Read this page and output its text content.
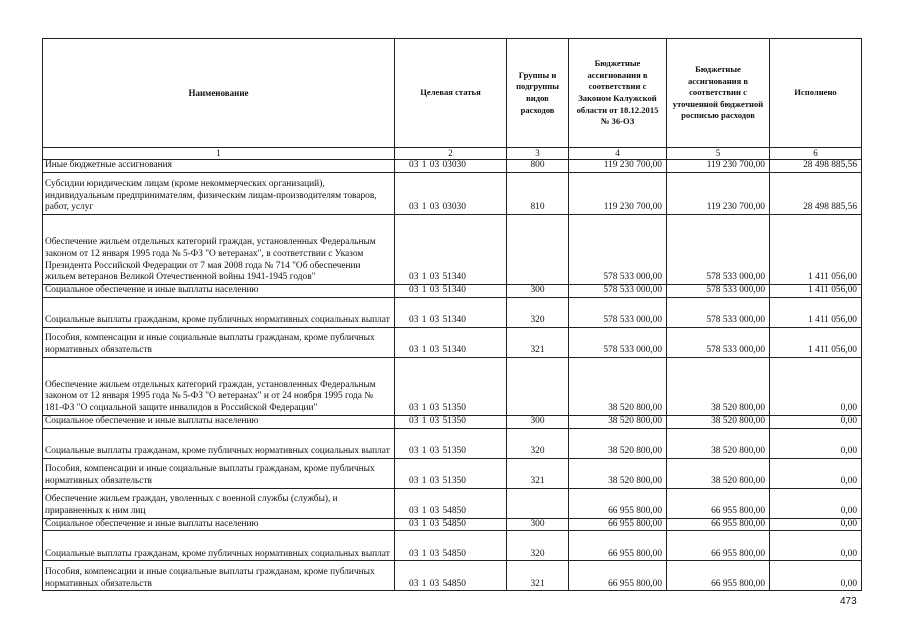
Наименование	Целевая статья	Группы и подгруппы видов расходов	Бюджетные ассигнования в соответствии с Законом Калужской области от 18.12.2015 № 36-ОЗ	Бюджетные ассигнования в соответствии с уточненной бюджетной росписью расходов	Исполнено
1	2	3	4	5	6
Иные бюджетные ассигнования	03 1 03 03030	800	119 230 700,00	119 230 700,00	28 498 885,56
Субсидии юридическим лицам (кроме некоммерческих организаций), индивидуальным предпринимателям, физическим лицам-производителям товаров, работ, услуг	03 1 03 03030	810	119 230 700,00	119 230 700,00	28 498 885,56
Обеспечение жильем отдельных категорий граждан, установленных Федеральным законом от 12 января 1995 года № 5-ФЗ "О ветеранах", в соответствии с Указом Президента Российской Федерации от 7 мая 2008 года № 714 "Об обеспечении жильем ветеранов Великой Отечественной войны 1941-1945 годов"	03 1 03 51340		578 533 000,00	578 533 000,00	1 411 056,00
Социальное обеспечение и иные выплаты населению	03 1 03 51340	300	578 533 000,00	578 533 000,00	1 411 056,00
Социальные выплаты гражданам, кроме публичных нормативных социальных выплат	03 1 03 51340	320	578 533 000,00	578 533 000,00	1 411 056,00
Пособия, компенсации и иные социальные выплаты гражданам, кроме публичных нормативных обязательств	03 1 03 51340	321	578 533 000,00	578 533 000,00	1 411 056,00
Обеспечение жильем отдельных категорий граждан, установленных Федеральным законом от 12 января 1995 года № 5-ФЗ "О ветеранах" и от 24 ноября 1995 года № 181-ФЗ "О социальной защите инвалидов в Российской Федерации"	03 1 03 51350		38 520 800,00	38 520 800,00	0,00
Социальное обеспечение и иные выплаты населению	03 1 03 51350	300	38 520 800,00	38 520 800,00	0,00
Социальные выплаты гражданам, кроме публичных нормативных социальных выплат	03 1 03 51350	320	38 520 800,00	38 520 800,00	0,00
Пособия, компенсации и иные социальные выплаты гражданам, кроме публичных нормативных обязательств	03 1 03 51350	321	38 520 800,00	38 520 800,00	0,00
Обеспечение жильем граждан, уволенных с военной службы (службы), и приравненных к ним лиц	03 1 03 54850		66 955 800,00	66 955 800,00	0,00
Социальное обеспечение и иные выплаты населению	03 1 03 54850	300	66 955 800,00	66 955 800,00	0,00
Социальные выплаты гражданам, кроме публичных нормативных социальных выплат	03 1 03 54850	320	66 955 800,00	66 955 800,00	0,00
Пособия, компенсации и иные социальные выплаты гражданам, кроме публичных нормативных обязательств	03 1 03 54850	321	66 955 800,00	66 955 800,00	0,00
473
